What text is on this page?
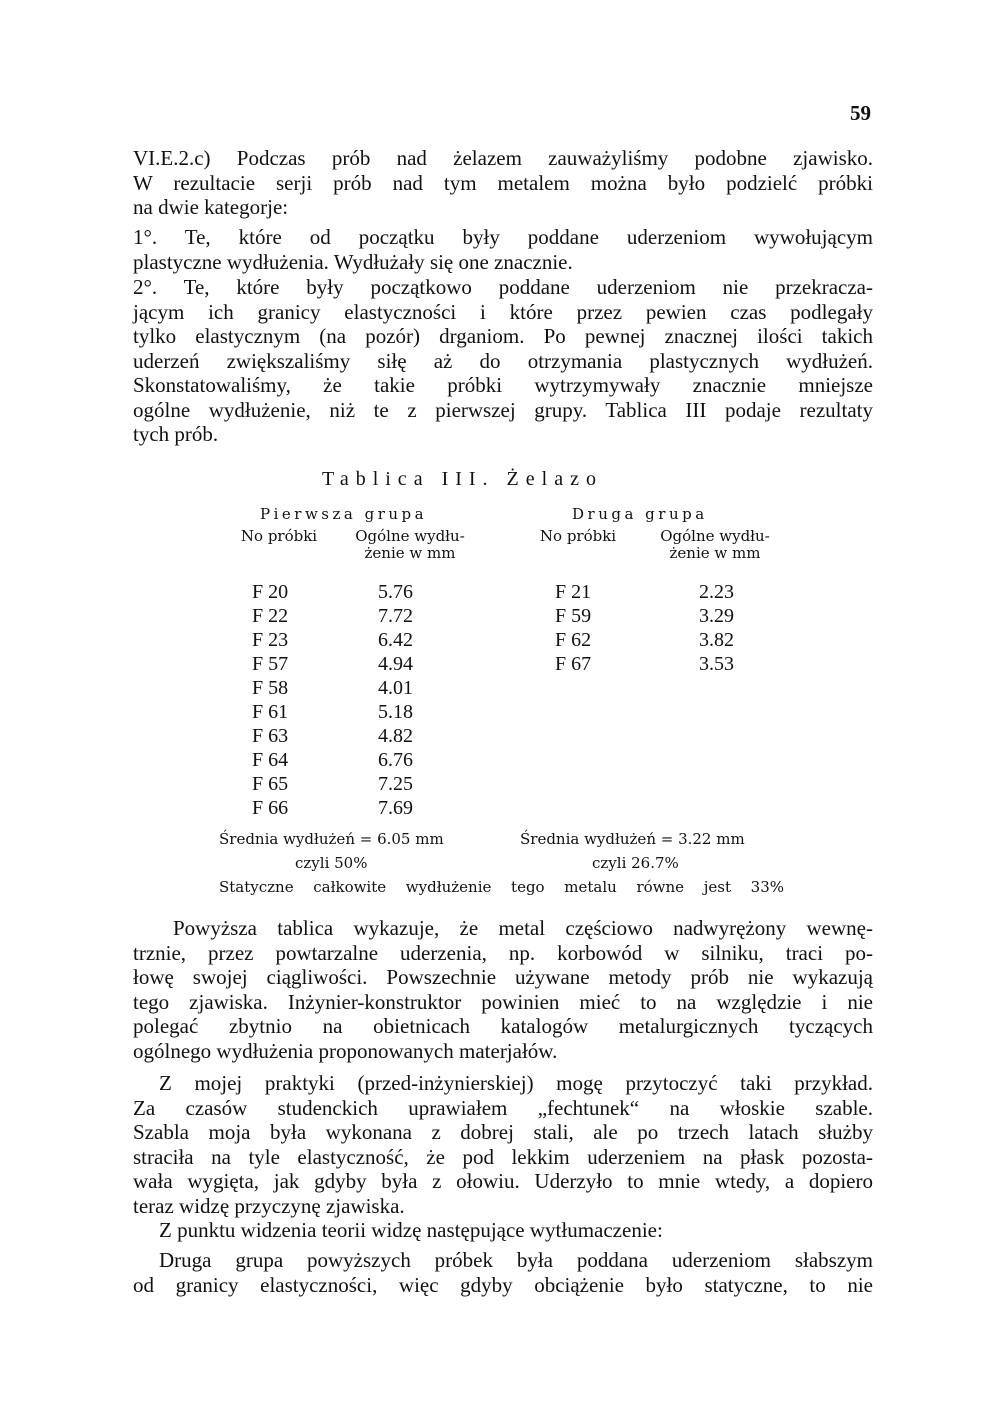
59
VI.E.2.c) Podczas prób nad żelazem zauważyliśmy podobne zjawisko.
W rezultacie serji prób nad tym metalem można było podzielć próbki
na dwie kategorje:
1°. Te, które od początku były poddane uderzeniom wywołującym
plastyczne wydłużenia. Wydłużały się one znacznie.
2°. Te, które były początkowo poddane uderzeniom nie przekracza-
jącym ich granicy elastyczności i które przez pewien czas podlegały
tylko elastycznym (na pozór) drganiom. Po pewnej znacznej ilości takich
uderzeń zwiększaliśmy siłę aż do otrzymania plastycznych wydłużeń.
Skonstatowaliśmy, że takie próbki wytrzymywały znacznie mniejsze
ogólne wydłużenie, niż te z pierwszej grupy. Tablica III podaje rezultaty
tych prób.
Powyższa tablica wykazuje, że metal częściowo nadwyrężony wewnę-
trznie, przez powtarzalne uderzenia, np. korbowód w silniku, traci po-
łowę swojej ciągliwości. Powszechnie używane metody prób nie wykazują
tego zjawiska. Inżynier-konstruktor powinien mieć to na względzie i nie
polegać zbytnio na obietnicach katalogów metalurgicznych tyczących
ogólnego wydłużenia proponowanych materjałów.
Z mojej praktyki (przed-inżynierskiej) mogę przytoczyć taki przykład.
Za czasów studenckich uprawiałem „fechtunek“ na włoskie szable.
Szabla moja była wykonana z dobrej stali, ale po trzech latach służby
straciła na tyle elastyczność, że pod lekkim uderzeniem na płask pozosta-
wała wygięta, jak gdyby była z ołowiu. Uderzyło to mnie wtedy, a dopiero
teraz widzę przyczynę zjawiska.
Z punktu widzenia teorii widzę następujące wytłumaczenie:
Druga grupa powyższych próbek była poddana uderzeniom słabszym
od granicy elastyczności, więc gdyby obciążenie było statyczne, to nie
Tablica III. Żelazo
Pierwsza grupa
No próbki	Ogólne wydłu-
żenie w mm
Druga grupa
No próbki	Ogólne wydłu-
żenie w mm
F 20	5.76
F 22	7.72
F 23	6.42
F 57	4.94
F 58	4.01
F 61	5.18
F 63	4.82
F 64	6.76
F 65	7.25
F 66	7.69
F 21	2.23
F 59	3.29
F 62	3.82
F 67	3.53
Średnia wydłużeń = 6.05 mm	Średnia wydłużeń = 3.22 mm
czyli 50%	czyli 26.7%
Statyczne całkowite wydłużenie tego metalu równe jest 33%
